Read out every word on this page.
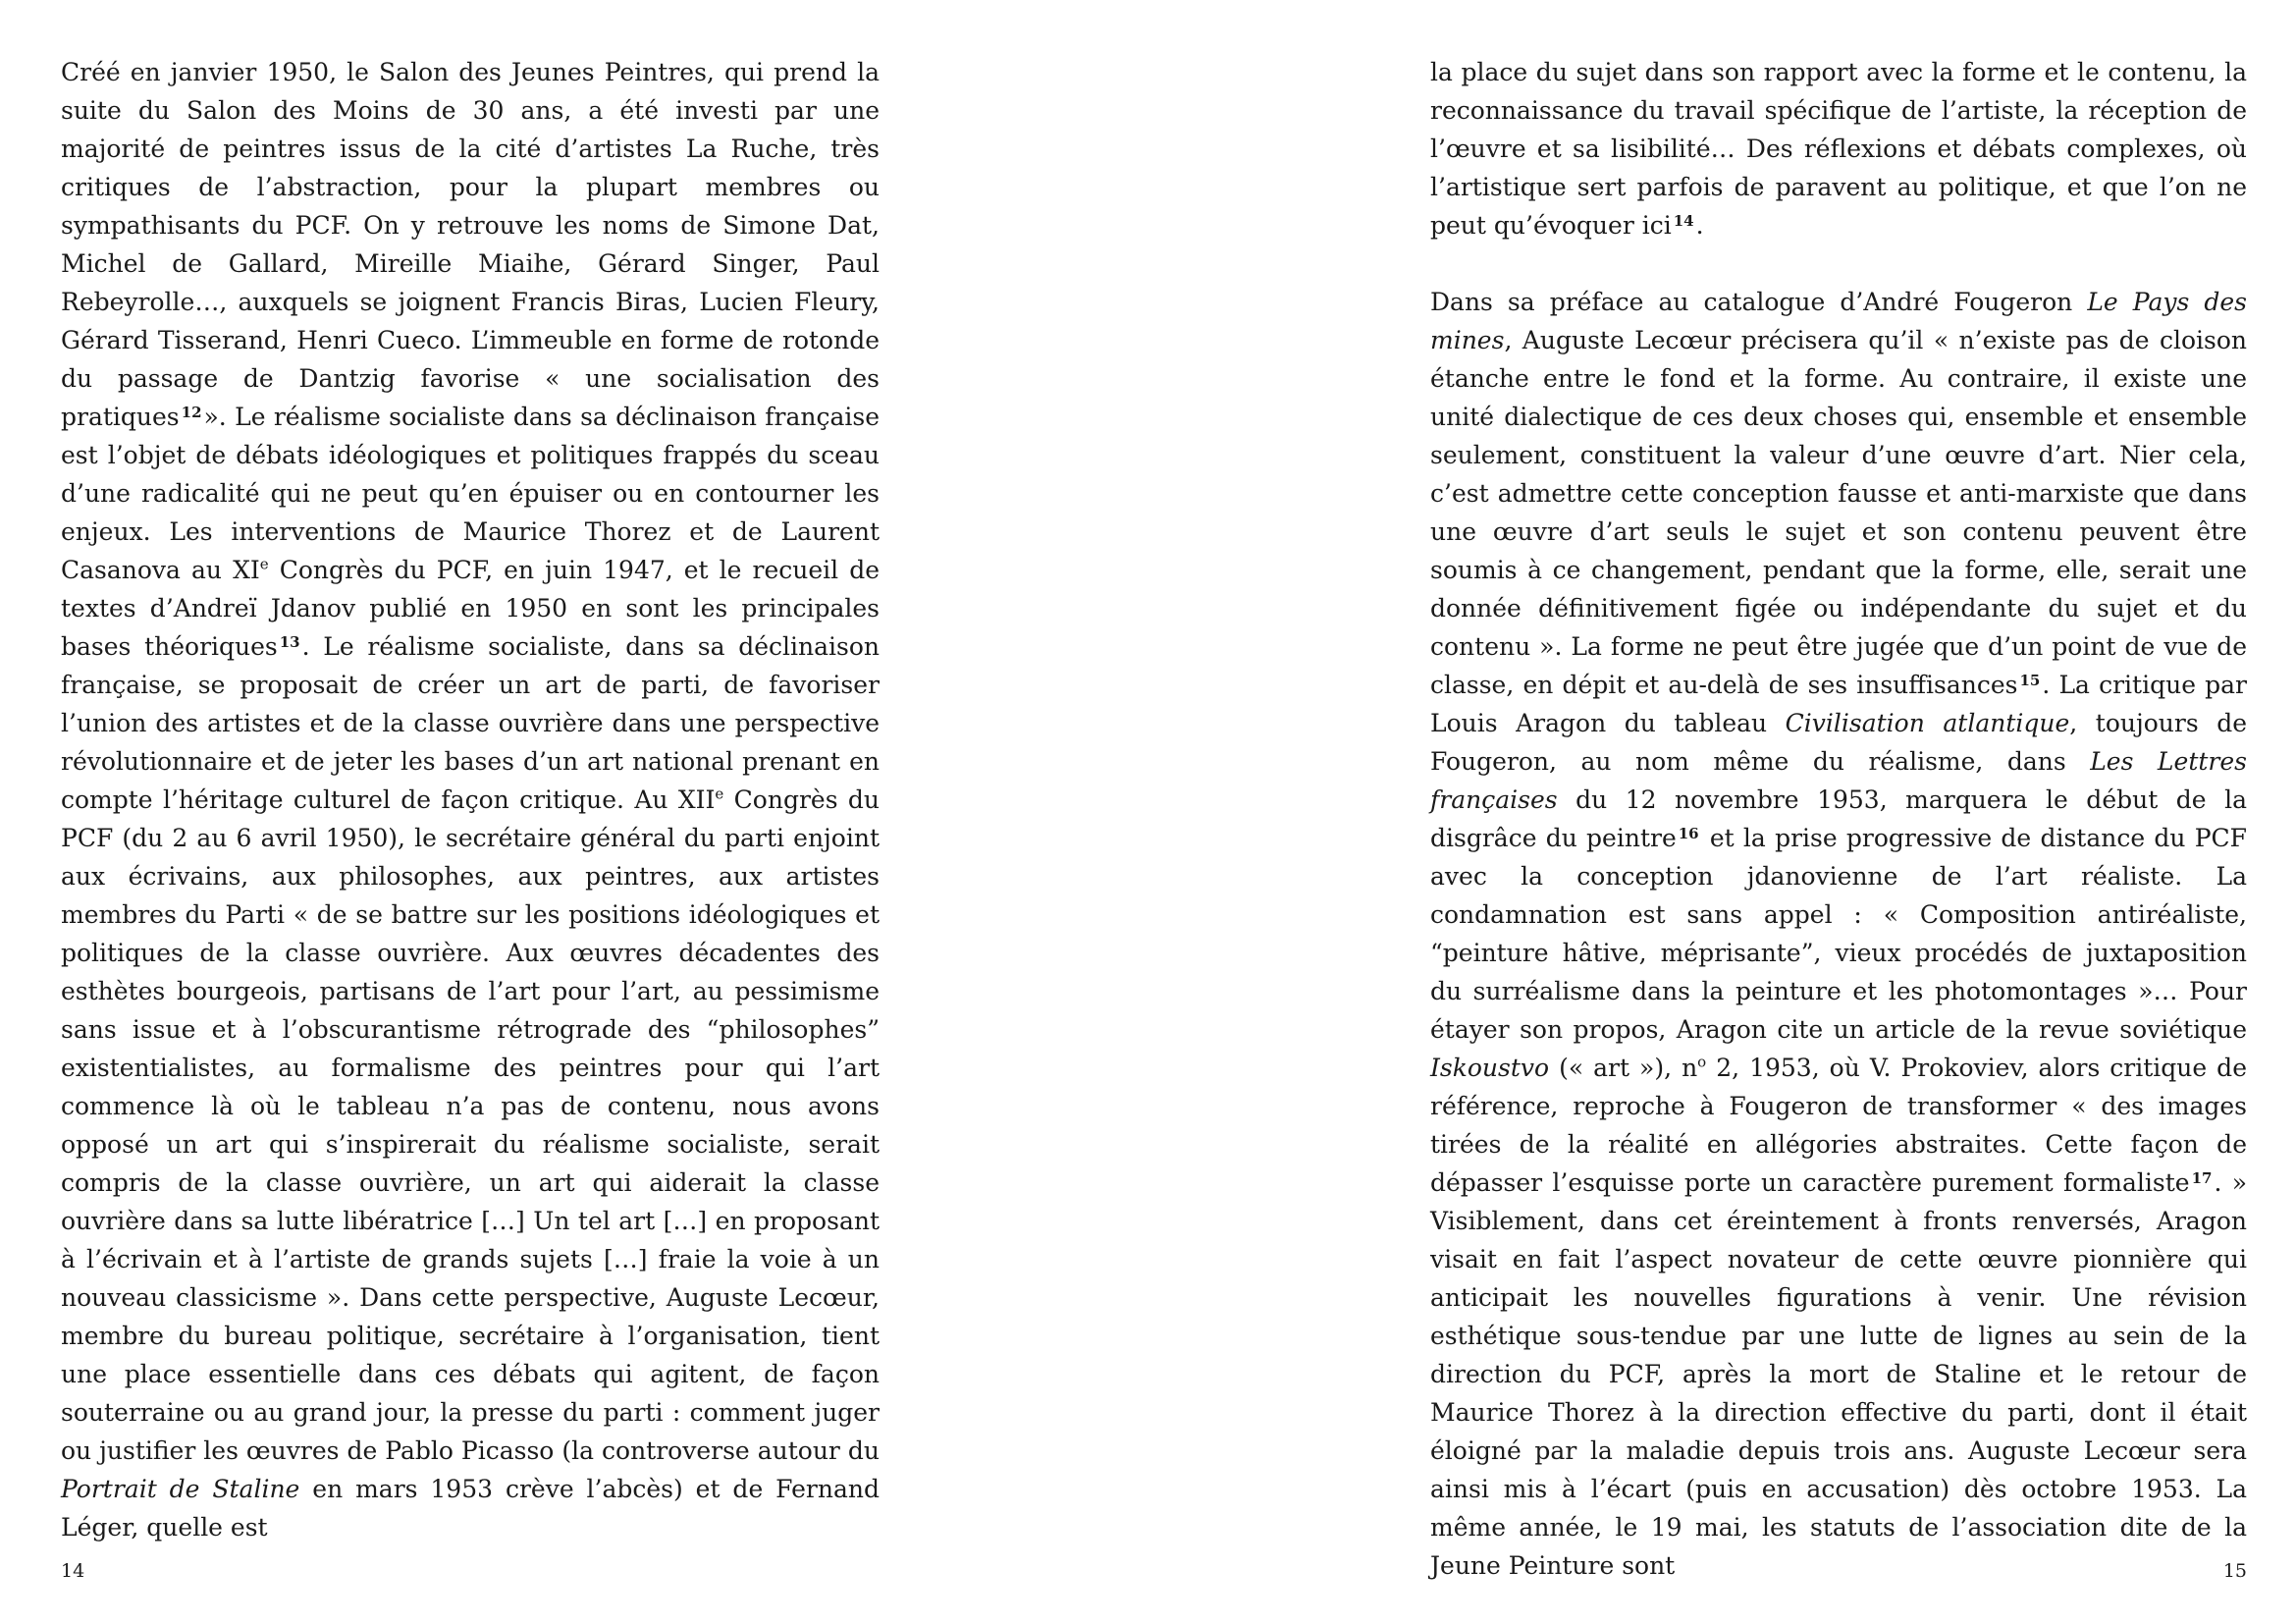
Créé en janvier 1950, le Salon des Jeunes Peintres, qui prend la suite du Salon des Moins de 30 ans, a été investi par une majorité de peintres issus de la cité d’artistes La Ruche, très critiques de l’abstraction, pour la plupart membres ou sympathisants du PCF. On y retrouve les noms de Simone Dat, Michel de Gallard, Mireille Miaihe, Gérard Singer, Paul Rebeyrolle…, auxquels se joignent Francis Biras, Lucien Fleury, Gérard Tisserand, Henri Cueco. L’immeuble en forme de rotonde du passage de Dantzig favorise « une socialisation des pratiques $^{12}$». Le réalisme socialiste dans sa déclinaison française est l’objet de débats idéologiques et politiques frappés du sceau d’une radicalité qui ne peut qu’en épuiser ou en contourner les enjeux. Les interventions de Maurice Thorez et de Laurent Casanova au XIe Congrès du PCF, en juin 1947, et le recueil de textes d’Andreï Jdanov publié en 1950 en sont les principales bases théoriques $^{13}$. Le réalisme socialiste, dans sa déclinaison française, se proposait de créer un art de parti, de favoriser l’union des artistes et de la classe ouvrière dans une perspective révolutionnaire et de jeter les bases d’un art national prenant en compte l’héritage culturel de façon critique. Au XIIe Congrès du PCF (du 2 au 6 avril 1950), le secrétaire général du parti enjoint aux écrivains, aux philosophes, aux peintres, aux artistes membres du Parti « de se battre sur les positions idéologiques et politiques de la classe ouvrière. Aux œuvres décadentes des esthètes bourgeois, partisans de l’art pour l’art, au pessimisme sans issue et à l’obscurantisme rétrograde des “philosophes” existentialistes, au formalisme des peintres pour qui l’art commence là où le tableau n’a pas de contenu, nous avons opposé un art qui s’inspirerait du réalisme socialiste, serait compris de la classe ouvrière, un art qui aiderait la classe ouvrière dans sa lutte libératrice […] Un tel art […] en proposant à l’écrivain et à l’artiste de grands sujets […] fraie la voie à un nouveau classicisme ». Dans cette perspective, Auguste Lecœur, membre du bureau politique, secrétaire à l’organisation, tient une place essentielle dans ces débats qui agitent, de façon souterraine ou au grand jour, la presse du parti : comment juger ou justifier les œuvres de Pablo Picasso (la controverse autour du Portrait de Staline en mars 1953 crève l’abcès) et de Fernand Léger, quelle est

14

la place du sujet dans son rapport avec la forme et le contenu, la reconnaissance du travail spécifique de l’artiste, la réception de l’œuvre et sa lisibilité… Des réflexions et débats complexes, où l’artistique sert parfois de paravent au politique, et que l’on ne peut qu’évoquer ici $^{14}$.

Dans sa préface au catalogue d’André Fougeron Le Pays des mines, Auguste Lecœur précisera qu’il « n’existe pas de cloison étanche entre le fond et la forme. Au contraire, il existe une unité dialectique de ces deux choses qui, ensemble et ensemble seulement, constituent la valeur d’une œuvre d’art. Nier cela, c’est admettre cette conception fausse et anti-marxiste que dans une œuvre d’art seuls le sujet et son contenu peuvent être soumis à ce changement, pendant que la forme, elle, serait une donnée définitivement figée ou indépendante du sujet et du contenu ». La forme ne peut être jugée que d’un point de vue de classe, en dépit et au-delà de ses insuffisances $^{15}$. La critique par Louis Aragon du tableau Civilisation atlantique, toujours de Fougeron, au nom même du réalisme, dans Les Lettres françaises du 12 novembre 1953, marquera le début de la disgrâce du peintre $^{16}$ et la prise progressive de distance du PCF avec la conception jdanovienne de l’art réaliste. La condamnation est sans appel : « Composition antiréaliste, “peinture hâtive, méprisante”, vieux procédés de juxtaposition du surréalisme dans la peinture et les photomontages »… Pour étayer son propos, Aragon cite un article de la revue soviétique Iskoustvo (« art »), $n^o$ 2, 1953, où V. Prokoviev, alors critique de référence, reproche à Fougeron de transformer « des images tirées de la réalité en allégories abstraites. Cette façon de dépasser l’esquisse porte un caractère purement formaliste $^{17}$. » Visiblement, dans cet éreintement à fronts renversés, Aragon visait en fait l’aspect novateur de cette œuvre pionnière qui anticipait les nouvelles figurations à venir. Une révision esthétique sous-tendue par une lutte de lignes au sein de la direction du PCF, après la mort de Staline et le retour de Maurice Thorez à la direction effective du parti, dont il était éloigné par la maladie depuis trois ans. Auguste Lecœur sera ainsi mis à l’écart (puis en accusation) dès octobre 1953. La même année, le 19 mai, les statuts de l’association dite de la Jeune Peinture sont	15
